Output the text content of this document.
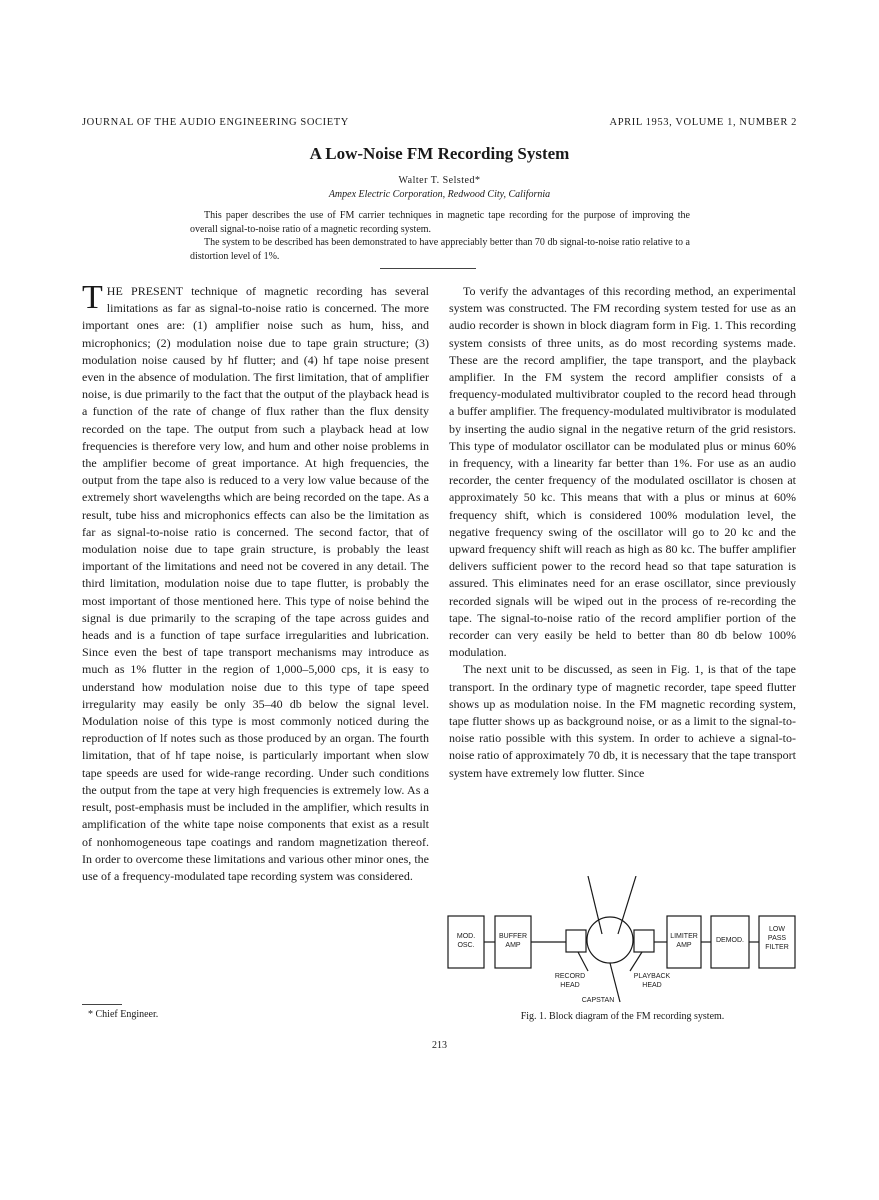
JOURNAL OF THE AUDIO ENGINEERING SOCIETY	APRIL 1953, VOLUME 1, NUMBER 2
A Low-Noise FM Recording System
Walter T. Selsted*
Ampex Electric Corporation, Redwood City, California

This paper describes the use of FM carrier techniques in magnetic tape recording for the purpose of improving the overall signal-to-noise ratio of a magnetic recording system.

The system to be described has been demonstrated to have appreciably better than 70 db signal-to-noise ratio relative to a distortion level of 1%.

THE PRESENT technique of magnetic recording has several limitations as far as signal-to-noise ratio is concerned. The more important ones are: (1) amplifier noise such as hum, hiss, and microphonics; (2) modulation noise due to tape grain structure; (3) modulation noise caused by hf flutter; and (4) hf tape noise present even in the absence of modulation. The first limitation, that of amplifier noise, is due primarily to the fact that the output of the playback head is a function of the rate of change of flux rather than the flux density recorded on the tape. The output from such a playback head at low frequencies is therefore very low, and hum and other noise problems in the amplifier become of great importance. At high frequencies, the output from the tape also is reduced to a very low value because of the extremely short wavelengths which are being recorded on the tape. As a result, tube hiss and microphonics effects can also be the limitation as far as signal-to-noise ratio is concerned. The second factor, that of modulation noise due to tape grain structure, is probably the least important of the limitations and need not be covered in any detail. The third limitation, modulation noise due to tape flutter, is probably the most important of those mentioned here. This type of noise behind the signal is due primarily to the scraping of the tape across guides and heads and is a function of tape surface irregularities and lubrication. Since even the best of tape transport mechanisms may introduce as much as 1% flutter in the region of 1,000–5,000 cps, it is easy to understand how modulation noise due to this type of tape speed irregularity may easily be only 35–40 db below the signal level. Modulation noise of this type is most commonly noticed during the reproduction of lf notes such as those produced by an organ. The fourth limitation, that of hf tape noise, is particularly important when slow tape speeds are used for wide-range recording. Under such conditions the output from the tape at very high frequencies is extremely low. As a result, post-emphasis must be included in the amplifier, which results in amplification of the white tape noise components that exist as a result of nonhomogeneous tape coatings and random magnetization thereof. In order to overcome these limitations and various other minor ones, the use of a frequency-modulated tape recording system was considered.

To verify the advantages of this recording method, an experimental system was constructed. The FM recording system tested for use as an audio recorder is shown in block diagram form in Fig. 1. This recording system consists of three units, as do most recording systems made. These are the record amplifier, the tape transport, and the playback amplifier. In the FM system the record amplifier consists of a frequency-modulated multivibrator coupled to the record head through a buffer amplifier. The frequency-modulated multivibrator is modulated by inserting the audio signal in the negative return of the grid resistors. This type of modulator oscillator can be modulated plus or minus 60% in frequency, with a linearity far better than 1%. For use as an audio recorder, the center frequency of the modulated oscillator is chosen at approximately 50 kc. This means that with a plus or minus at 60% frequency shift, which is considered 100% modulation level, the negative frequency swing of the oscillator will go to 20 kc and the upward frequency shift will reach as high as 80 kc. The buffer amplifier delivers sufficient power to the record head so that tape saturation is assured. This eliminates need for an erase oscillator, since previously recorded signals will be wiped out in the process of re-recording the tape. The signal-to-noise ratio of the record amplifier portion of the recorder can very easily be held to better than 80 db below 100% modulation.

The next unit to be discussed, as seen in Fig. 1, is that of the tape transport. In the ordinary type of magnetic recorder, tape speed flutter shows up as modulation noise. In the FM magnetic recording system, tape flutter shows up as background noise, or as a limit to the signal-to-noise ratio possible with this system. In order to achieve a signal-to-noise ratio of approximately 70 db, it is necessary that the tape transport system have extremely low flutter. Since

MOD.
OSC.
BUFFER
AMP
LIMITER
AMP
DEMOD.
LOW
PASS
FILTER
RECORD
HEAD
PLAYBACK
HEAD
CAPSTAN
Fig. 1. Block diagram of the FM recording system.
* Chief Engineer.
213
